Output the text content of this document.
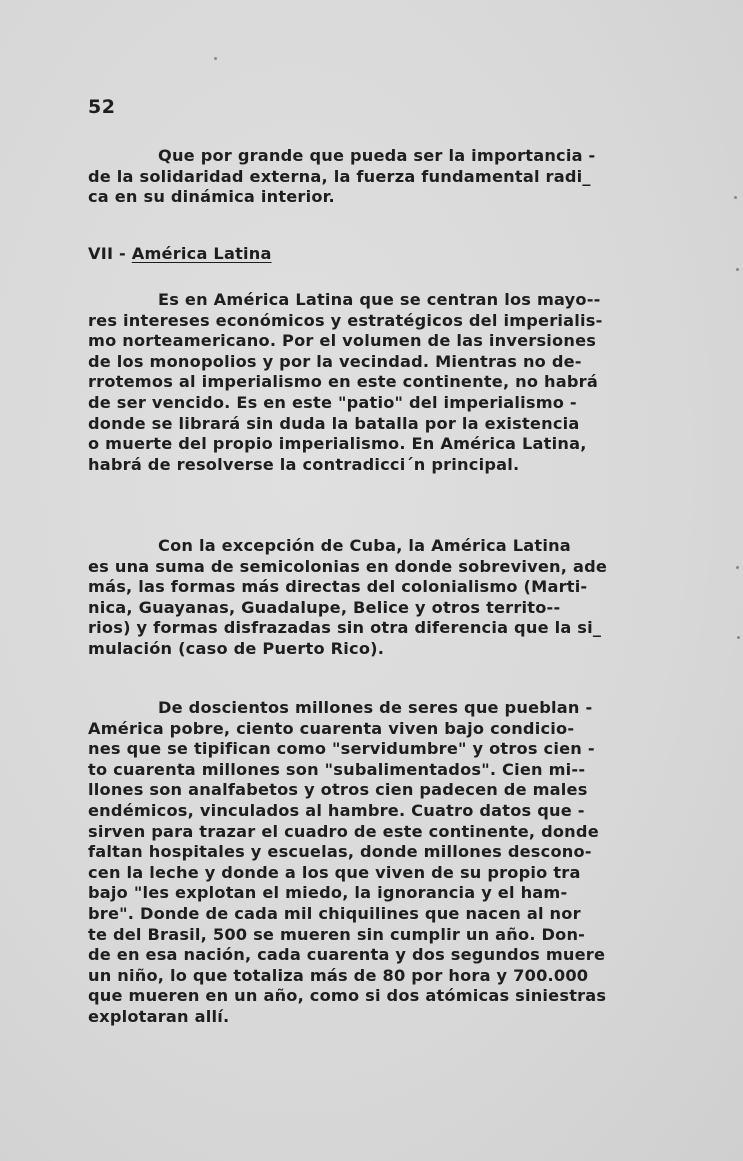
52
Que por grande que pueda ser la importancia -
de la solidaridad externa, la fuerza fundamental radi_
ca en su dinámica interior.
VII - América Latina
Es en América Latina que se centran los mayo--
res intereses económicos y estratégicos del imperialis-
mo norteamericano. Por el volumen de las inversiones
de los monopolios y por la vecindad. Mientras no de-
rrotemos al imperialismo en este continente, no habrá
de ser vencido. Es en este "patio" del imperialismo -
donde se librará sin duda la batalla por la existencia
o muerte del propio imperialismo. En América Latina,
habrá de resolverse la contradicci´n principal.
Con la excepción de Cuba, la América Latina
es una suma de semicolonias en donde sobreviven, ade
más, las formas más directas del colonialismo (Marti-
nica, Guayanas, Guadalupe, Belice y otros territo--
rios) y formas disfrazadas sin otra diferencia que la si_
mulación (caso de Puerto Rico).
De doscientos millones de seres que pueblan -
América pobre, ciento cuarenta viven bajo condicio-
nes que se tipifican como "servidumbre" y otros cien -
to cuarenta millones son "subalimentados". Cien mi--
llones son analfabetos y otros cien padecen de males
endémicos, vinculados al hambre. Cuatro datos que -
sirven para trazar el cuadro de este continente, donde
faltan hospitales y escuelas, donde millones descono-
cen la leche y donde a los que viven de su propio tra
bajo "les explotan el miedo, la ignorancia y el ham-
bre". Donde de cada mil chiquilines que nacen al nor
te del Brasil, 500 se mueren sin cumplir un año. Don-
de en esa nación, cada cuarenta y dos segundos muere
un niño, lo que totaliza más de 80 por hora y 700.000
que mueren en un año, como si dos atómicas siniestras
explotaran allí.
